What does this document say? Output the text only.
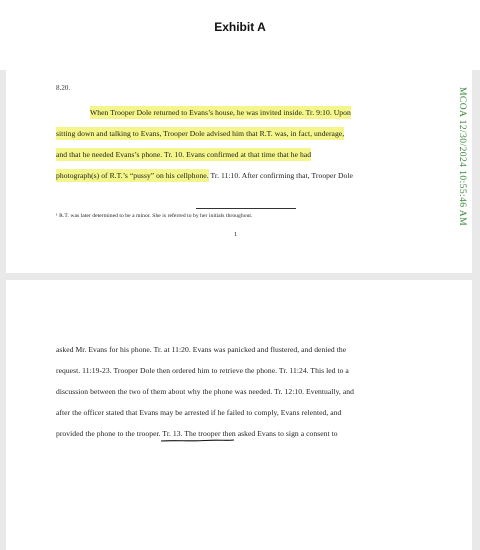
Exhibit A
8.20.
When Trooper Dole returned to Evans’s house, he was invited inside. Tr. 9:10. Upon
sitting down and talking to Evans, Trooper Dole advised him that R.T. was, in fact, underage,
and that he needed Evans’s phone. Tr. 10. Evans confirmed at that time that he had
photograph(s) of R.T.’s “pussy” on his cellphone. Tr. 11:10. After confirming that, Trooper Dole
¹ R.T. was later determined to be a minor. She is referred to by her initials throughout.
1
MCOA 12/30/2024 10:55:46 AM
asked Mr. Evans for his phone. Tr. at 11:20. Evans was panicked and flustered, and denied the
request. 11:19-23. Trooper Dole then ordered him to retrieve the phone. Tr. 11:24. This led to a
discussion between the two of them about why the phone was needed. Tr. 12:10. Eventually, and
after the officer stated that Evans may be arrested if he failed to comply, Evans relented, and
provided the phone to the trooper. Tr. 13. The trooper then asked Evans to sign a consent to
